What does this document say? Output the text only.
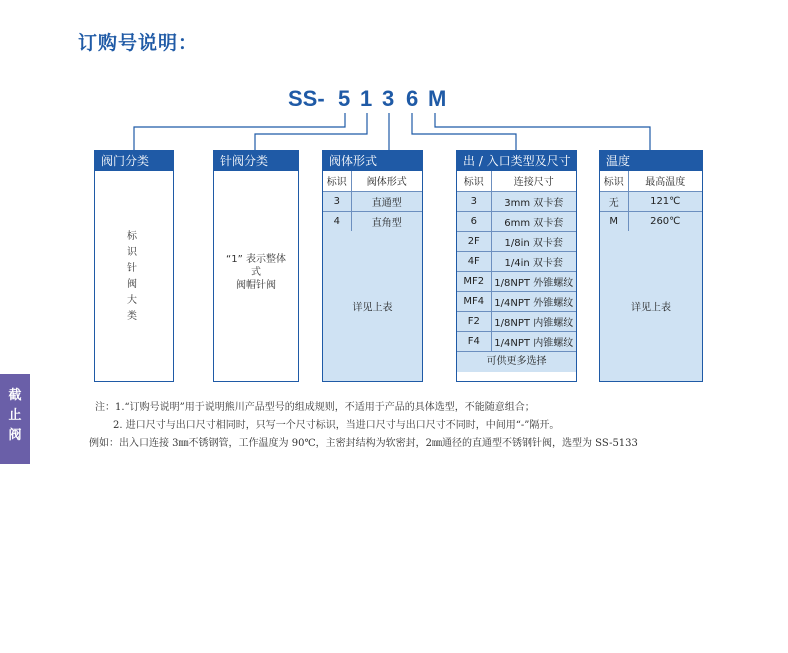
订购号说明：
SS- 5 1 3 6 M
阀门分类
标
识
针
阀
大
类
针阀分类
“1” 表示整体
式
阀帽针阀
阀体形式
标识	阀体形式
3	直通型
4	直角型
详见上表
出 / 入口类型及尺寸
标识	连接尺寸
3	3mm 双卡套
6	6mm 双卡套
2F	1/8in 双卡套
4F	1/4in 双卡套
MF2	1/8NPT 外锥螺纹
MF4	1/4NPT 外锥螺纹
F2	1/8NPT 内锥螺纹
F4	1/4NPT 内锥螺纹
可供更多选择
温度
标识	最高温度
无	121℃
M	260℃
详见上表
注：1.“订购号说明”用于说明熊川产品型号的组成规则，不适用于产品的具体选型，不能随意组合；
2. 进口尺寸与出口尺寸相同时，只写一个尺寸标识，当进口尺寸与出口尺寸不同时，中间用“-”隔开。
例如：出入口连接 3㎜不锈钢管，工作温度为 90℃，主密封结构为软密封，2㎜通径的直通型不锈钢针阀，选型为 SS-5133
截
止
阀
